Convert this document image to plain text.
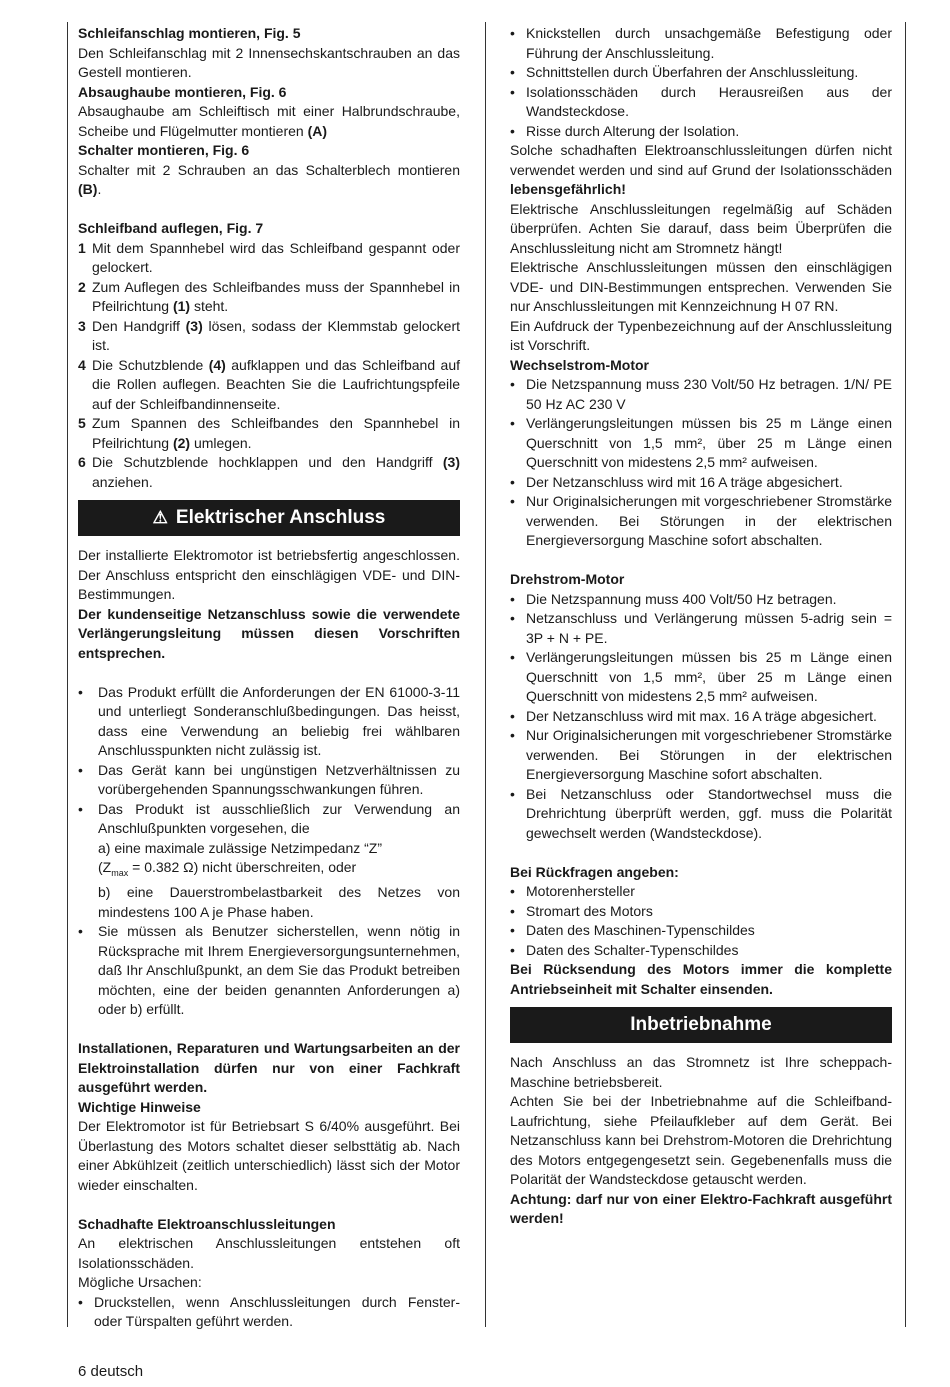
Schleifanschlag montieren, Fig. 5

Den Schleifanschlag mit 2 Innensechskantschrauben an das Gestell montieren.

Absaughaube montieren, Fig. 6

Absaughaube am Schleiftisch mit einer Halbrundschraube, Scheibe und Flügelmutter montieren (A)

Schalter montieren, Fig. 6

Schalter mit 2 Schrauben an das Schalterblech montieren (B).

Schleifband auflegen, Fig. 7

1 Mit dem Spannhebel wird das Schleifband gespannt oder gelockert.
2 Zum Auflegen des Schleifbandes muss der Spannhebel in Pfeilrichtung (1) steht.
3 Den Handgriff (3) lösen, sodass der Klemmstab gelockert ist.
4 Die Schutzblende (4) aufklappen und das Schleifband auf die Rollen auflegen. Beachten Sie die Laufrichtungspfeile auf der Schleifbandinnenseite.
5 Zum Spannen des Schleifbandes den Spannhebel in Pfeilrichtung (2) umlegen.
6 Die Schutzblende hochklappen und den Handgriff (3) anziehen.
⚠ Elektrischer Anschluss

Der installierte Elektromotor ist betriebsfertig angeschlossen. Der Anschluss entspricht den einschlägigen VDE- und DIN-Bestimmungen.

Der kundenseitige Netzanschluss sowie die verwendete Verlängerungsleitung müssen diesen Vorschriften entsprechen.

•	Das Produkt erfüllt die Anforderungen der EN 61000-3-11 und unterliegt Sonderanschlußbedingungen. Das heisst, dass eine Verwendung an beliebig frei wählbaren Anschlusspunkten nicht zulässig ist.
•	Das Gerät kann bei ungünstigen Netzverhältnissen zu vorübergehenden Spannungsschwankungen führen.
•	Das Produkt ist ausschließlich zur Verwendung an Anschlußpunkten vorgesehen, die
a) eine maximale zulässige Netzimpedanz “Z”
($Z_{max} = 0.382$ Ω) nicht überschreiten, oder
b) eine Dauerstrombelastbarkeit des Netzes von mindestens 100 A je Phase haben.
•	Sie müssen als Benutzer sicherstellen, wenn nötig in Rücksprache mit Ihrem Energieversorgungsunternehmen, daß Ihr Anschlußpunkt, an dem Sie das Produkt betreiben möchten, eine der beiden genannten Anforderungen a) oder b) erfüllt.

Installationen, Reparaturen und Wartungsarbeiten an der Elektroinstallation dürfen nur von einer Fachkraft ausgeführt werden.

Wichtige Hinweise

Der Elektromotor ist für Betriebsart S 6/40% ausgeführt. Bei Überlastung des Motors schaltet dieser selbsttätig ab. Nach einer Abkühlzeit (zeitlich unterschiedlich) lässt sich der Motor wieder einschalten.

Schadhafte Elektroanschlussleitungen

An elektrischen Anschlussleitungen entstehen oft Isolationsschäden.

Mögliche Ursachen:

• Druckstellen, wenn Anschlussleitungen durch Fenster- oder Türspalten geführt werden.
• Knickstellen durch unsachgemäße Befestigung oder Führung der Anschlussleitung.
• Schnittstellen durch Überfahren der Anschlussleitung.
• Isolationsschäden durch Herausreißen aus der Wandsteckdose.
• Risse durch Alterung der Isolation.

Solche schadhaften Elektroanschlussleitungen dürfen nicht verwendet werden und sind auf Grund der Isolationsschäden lebensgefährlich!

Elektrische Anschlussleitungen regelmäßig auf Schäden überprüfen. Achten Sie darauf, dass beim Überprüfen die Anschlussleitung nicht am Stromnetz hängt!

Elektrische Anschlussleitungen müssen den einschlägigen VDE- und DIN-Bestimmungen entsprechen. Verwenden Sie nur Anschlussleitungen mit Kennzeichnung H 07 RN.

Ein Aufdruck der Typenbezeichnung auf der Anschlussleitung ist Vorschrift.

Wechselstrom-Motor

• Die Netzspannung muss 230 Volt/50 Hz betragen. 1/N/ PE 50 Hz AC 230 V
• Verlängerungsleitungen müssen bis 25 m Länge einen Querschnitt von 1,5 mm², über 25 m Länge einen Querschnitt von midestens 2,5 mm² aufweisen.
• Der Netzanschluss wird mit 16 A träge abgesichert.
• Nur Originalsicherungen mit vorgeschriebener Stromstärke verwenden. Bei Störungen in der elektrischen Energieversorgung Maschine sofort abschalten.

Drehstrom-Motor

• Die Netzspannung muss 400 Volt/50 Hz betragen.
• Netzanschluss und Verlängerung müssen 5-adrig sein = 3P + N + PE.
• Verlängerungsleitungen müssen bis 25 m Länge einen Querschnitt von 1,5 mm², über 25 m Länge einen Querschnitt von midestens 2,5 mm² aufweisen.
• Der Netzanschluss wird mit max. 16 A träge abgesichert.
• Nur Originalsicherungen mit vorgeschriebener Stromstärke verwenden. Bei Störungen in der elektrischen Energieversorgung Maschine sofort abschalten.
• Bei Netzanschluss oder Standortwechsel muss die Drehrichtung überprüft werden, ggf. muss die Polarität gewechselt werden (Wandsteckdose).

Bei Rückfragen angeben:

• Motorenhersteller
• Stromart des Motors
• Daten des Maschinen-Typenschildes
• Daten des Schalter-Typenschildes

Bei Rücksendung des Motors immer die komplette Antriebseinheit mit Schalter einsenden.

Inbetriebnahme

Nach Anschluss an das Stromnetz ist Ihre scheppach-Maschine betriebsbereit.

Achten Sie bei der Inbetriebnahme auf die Schleifband-Laufrichtung, siehe Pfeilaufkleber auf dem Gerät. Bei Netzanschluss kann bei Drehstrom-Motoren die Drehrichtung des Motors entgegengesetzt sein. Gegebenenfalls muss die Polarität der Wandsteckdose getauscht werden.

Achtung: darf nur von einer Elektro-Fachkraft ausgeführt werden!

6 deutsch
